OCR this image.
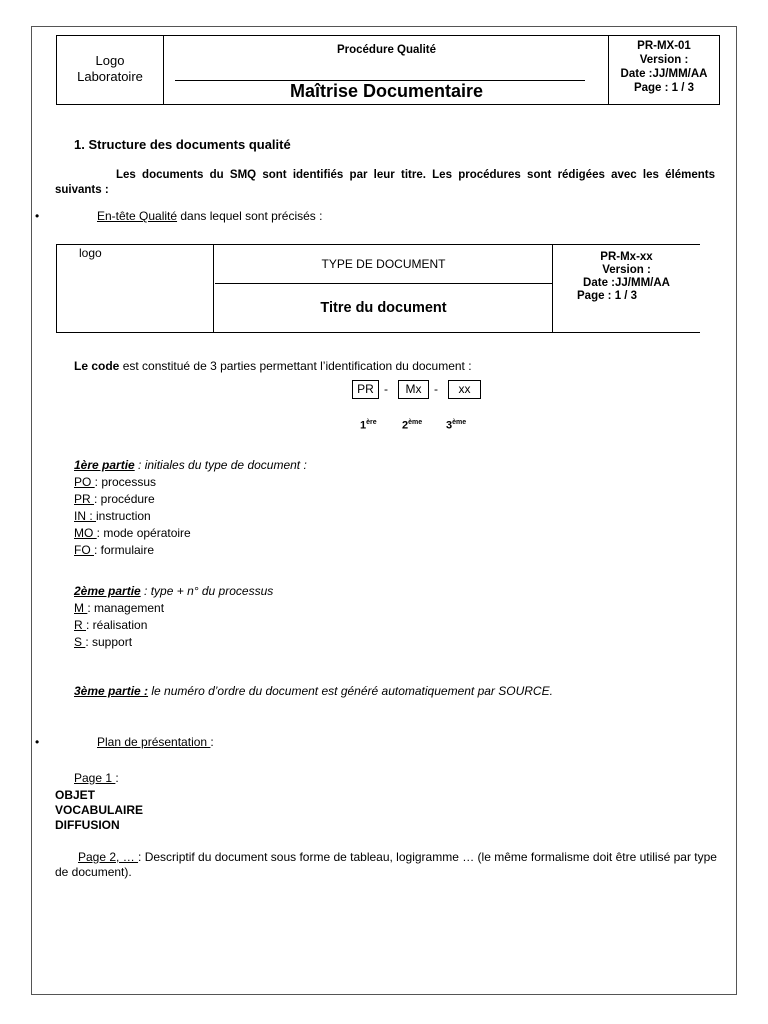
Logo
Laboratoire
Procédure Qualité
Maîtrise Documentaire
PR-MX-01
Version :
Date :JJ/MM/AA
Page : 1 / 3
1. Structure des documents qualité
Les documents du SMQ sont identifiés par leur titre. Les procédures sont rédigées avec les éléments suivants :
•	En-tête Qualité dans lequel sont précisés :
logo
TYPE DE DOCUMENT
Titre du document
PR-Mx-xx
Version :
Date :JJ/MM/AA
Page : 1 / 3
Le code est constitué de 3 parties permettant l’identification du document :
PR -	Mx	-	xx
1ère 2ème 3ème
1ère partie : initiales du type de document :
PO : processus
PR : procédure
IN : instruction
MO : mode opératoire
FO : formulaire
2ème partie : type + n° du processus
M : management
R : réalisation
S : support
3ème partie : le numéro d’ordre du document est généré automatiquement par SOURCE.
•	Plan de présentation :
Page 1 :
OBJET
VOCABULAIRE
DIFFUSION
Page 2, … : Descriptif du document sous forme de tableau, logigramme … (le même formalisme doit être utilisé par type de document).
